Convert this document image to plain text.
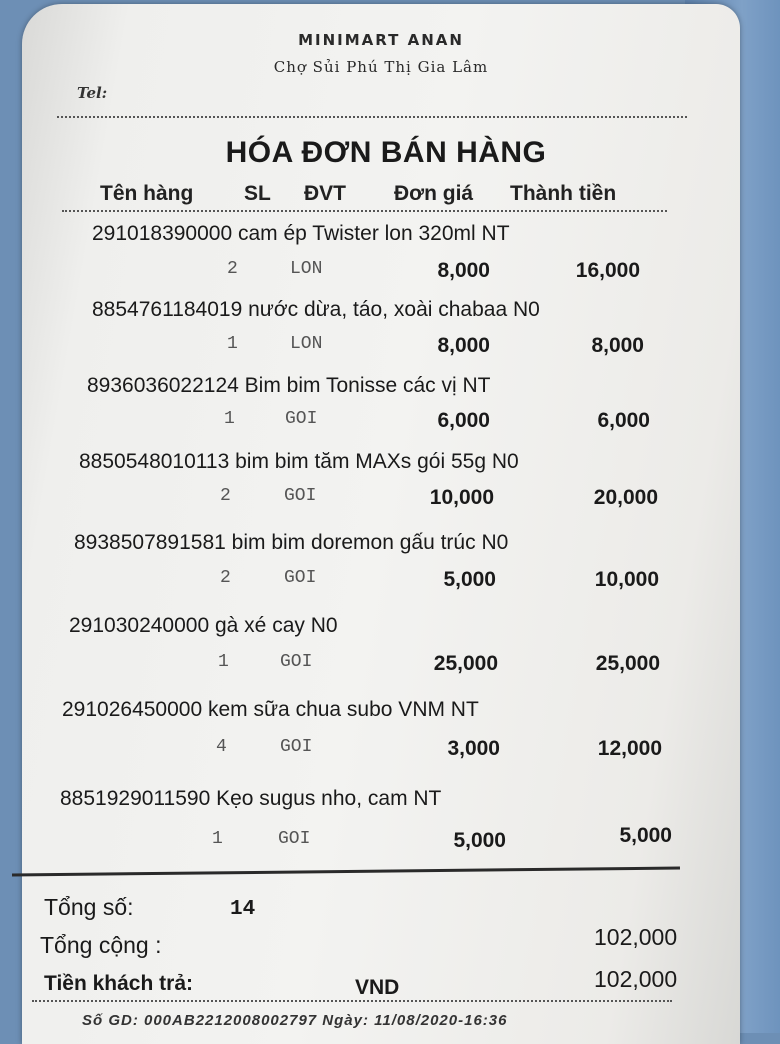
MINIMART ANAN
Chợ Sủi Phú Thị Gia Lâm
Tel:
HÓA ĐƠN BÁN HÀNG
Tên hàng SL ĐVT Đơn giá Thành tiền
291018390000 cam ép Twister lon 320ml NT
2	LON	8,000	16,000
8854761184019 nước dừa, táo, xoài chabaa N0
1	LON	8,000	8,000
8936036022124 Bim bim Tonisse các vị NT
1	GOI	6,000	6,000
8850548010113 bim bim tăm MAXs gói 55g N0
2	GOI	10,000	20,000
8938507891581 bim bim doremon gấu trúc N0
2	GOI	5,000	10,000
291030240000 gà xé cay N0
1	GOI	25,000	25,000
291026450000 kem sữa chua subo VNM NT
4	GOI	3,000	12,000
8851929011590 Kẹo sugus nho, cam NT
1	GOI	5,000	5,000
Tổng số:	14
Tổng cộng :	102,000
Tiền khách trả:	VND	102,000
Số GD: 000AB2212008002797 Ngày: 11/08/2020-16:36
